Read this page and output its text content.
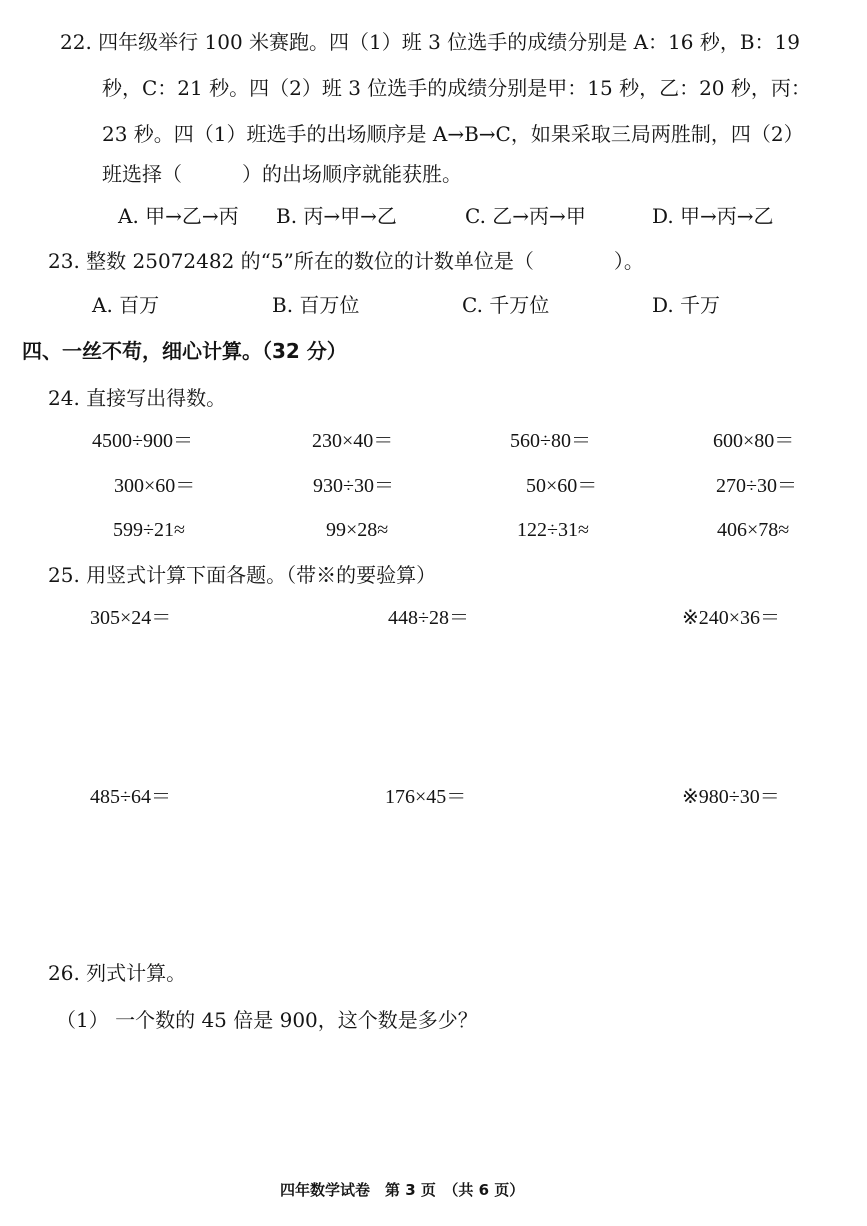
22. 四年级举行 100 米赛跑。四（1）班 3 位选手的成绩分别是 A：16 秒，B：19
秒，C：21 秒。四（2）班 3 位选手的成绩分别是甲：15 秒，乙：20 秒，丙：
23 秒。四（1）班选手的出场顺序是 A→B→C，如果采取三局两胜制，四（2）
班选择（　　　）的出场顺序就能获胜。
A. 甲→乙→丙 B. 丙→甲→乙	C. 乙→丙→甲	D. 甲→丙→乙
23. 整数 25072482 的“5”所在的数位的计数单位是（　　　　）。
A. 百万	B. 百万位	C. 千万位	D. 千万
四、一丝不苟，细心计算。（32 分）
24. 直接写出得数。
4500÷900＝	230×40＝	560÷80＝	600×80＝
300×60＝	930÷30＝	50×60＝	270÷30＝
599÷21≈	99×28≈	122÷31≈	406×78≈
25. 用竖式计算下面各题。（带※的要验算）
305×24＝	448÷28＝	※240×36＝
485÷64＝	176×45＝	※980÷30＝
26. 列式计算。
（1） 一个数的 45 倍是 900，这个数是多少？
四年数学试卷　第 3 页　（共 6 页）
